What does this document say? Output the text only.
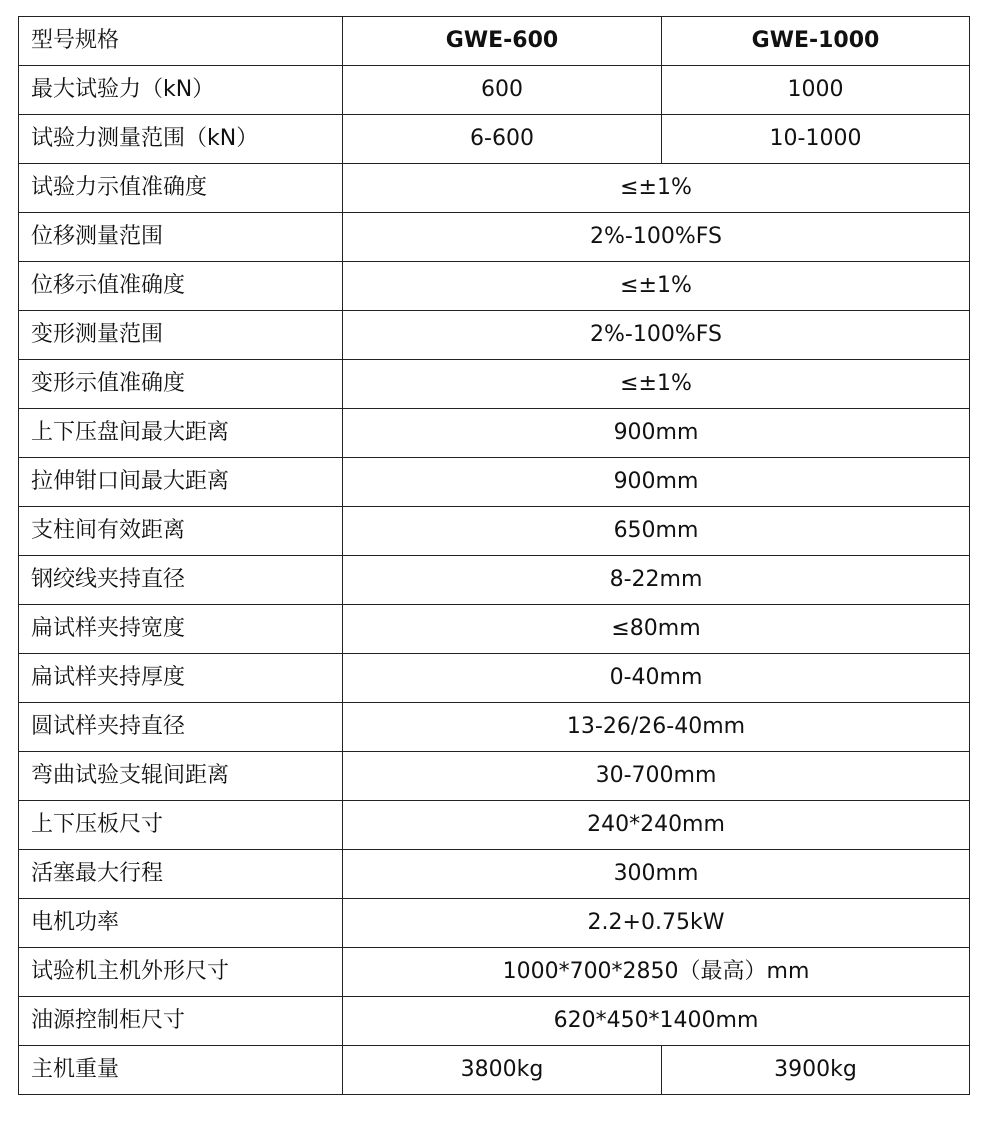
型号规格	GWE-600	GWE-1000
最大试验力（kN）	600	1000
试验力测量范围（kN）	6-600	10-1000
试验力示值准确度	≤±1%	
位移测量范围	2%-100%FS	
位移示值准确度	≤±1%	
变形测量范围	2%-100%FS	
变形示值准确度	≤±1%	
上下压盘间最大距离	900mm	
拉伸钳口间最大距离	900mm	
支柱间有效距离	650mm	
钢绞线夹持直径	8-22mm	
扁试样夹持宽度	≤80mm	
扁试样夹持厚度	0-40mm	
圆试样夹持直径	13-26/26-40mm	
弯曲试验支辊间距离	30-700mm	
上下压板尺寸	240*240mm	
活塞最大行程	300mm	
电机功率	2.2+0.75kW	
试验机主机外形尺寸	1000*700*2850（最高）mm	
油源控制柜尺寸	620*450*1400mm	
主机重量	3800kg	3900kg
